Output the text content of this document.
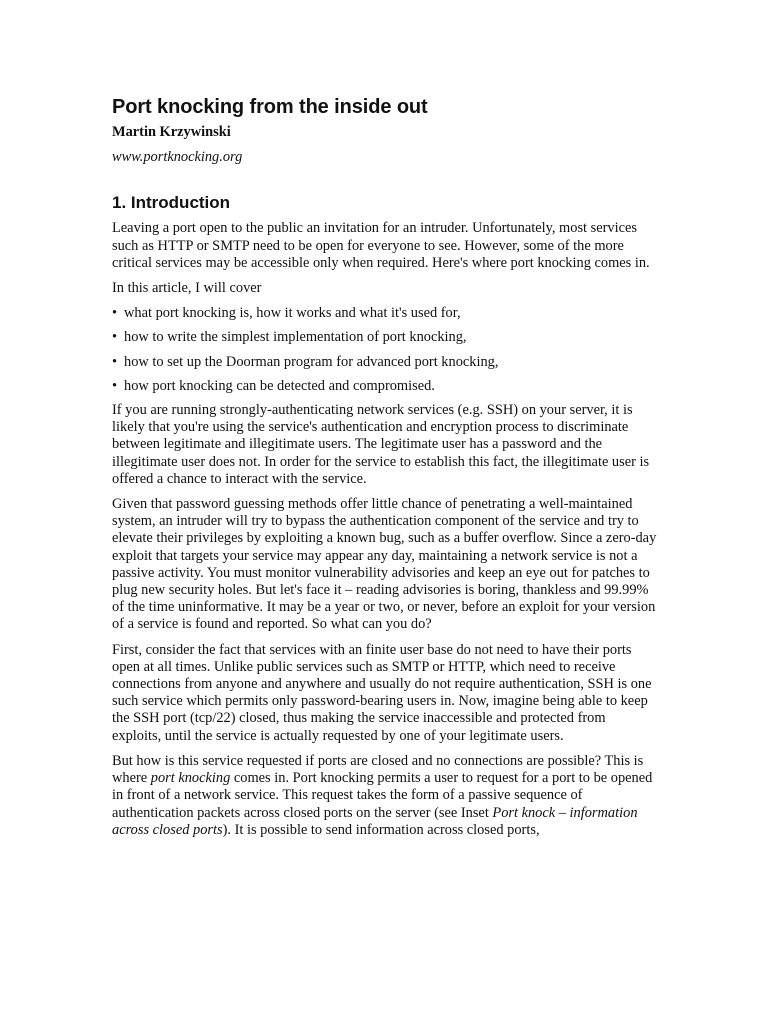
Port knocking from the inside out
Martin Krzywinski
www.portknocking.org
1. Introduction

Leaving a port open to the public an invitation for an intruder. Unfortunately, most services such as HTTP or SMTP need to be open for everyone to see. However, some of the more critical services may be accessible only when required. Here's where port knocking comes in.

In this article, I will cover

• what port knocking is, how it works and what it's used for,
• how to write the simplest implementation of port knocking,
• how to set up the Doorman program for advanced port knocking,
• how port knocking can be detected and compromised.

If you are running strongly-authenticating network services (e.g. SSH) on your server, it is likely that you're using the service's authentication and encryption process to discriminate between legitimate and illegitimate users. The legitimate user has a password and the illegitimate user does not. In order for the service to establish this fact, the illegitimate user is offered a chance to interact with the service.

Given that password guessing methods offer little chance of penetrating a well-maintained system, an intruder will try to bypass the authentication component of the service and try to elevate their privileges by exploiting a known bug, such as a buffer overflow. Since a zero-day exploit that targets your service may appear any day, maintaining a network service is not a passive activity. You must monitor vulnerability advisories and keep an eye out for patches to plug new security holes. But let's face it – reading advisories is boring, thankless and 99.99% of the time uninformative. It may be a year or two, or never, before an exploit for your version of a service is found and reported. So what can you do?

First, consider the fact that services with an finite user base do not need to have their ports open at all times. Unlike public services such as SMTP or HTTP, which need to receive connections from anyone and anywhere and usually do not require authentication, SSH is one such service which permits only password-bearing users in. Now, imagine being able to keep the SSH port (tcp/22) closed, thus making the service inaccessible and protected from exploits, until the service is actually requested by one of your legitimate users.

But how is this service requested if ports are closed and no connections are possible? This is where port knocking comes in. Port knocking permits a user to request for a port to be opened in front of a network service. This request takes the form of a passive sequence of authentication packets across closed ports on the server (see Inset Port knock – information across closed ports). It is possible to send information across closed ports,
